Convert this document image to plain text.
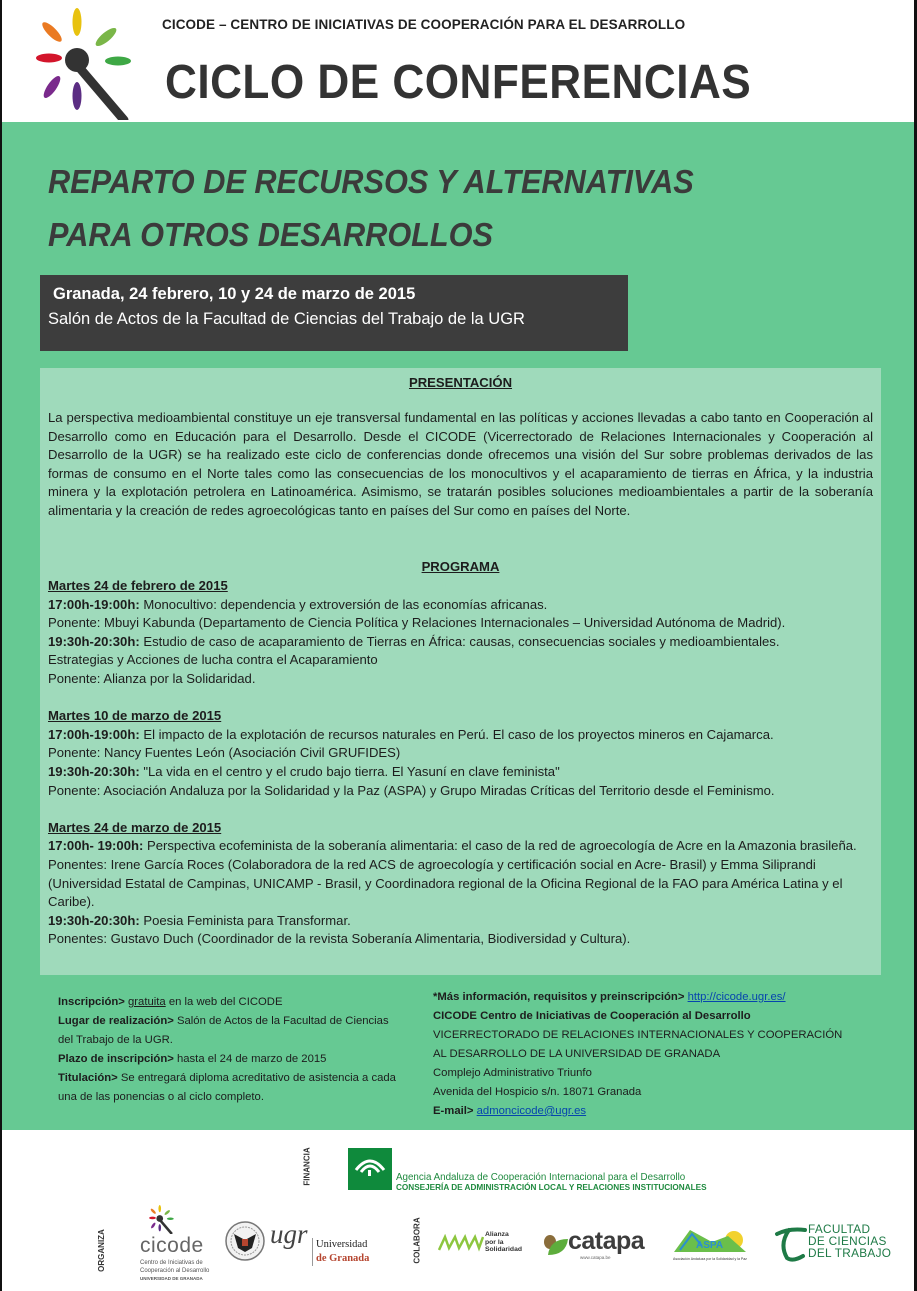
CICODE – CENTRO DE INICIATIVAS DE COOPERACIÓN PARA EL DESARROLLO
CICLO DE CONFERENCIAS
REPARTO DE RECURSOS Y ALTERNATIVAS
PARA OTROS DESARROLLOS
Granada, 24 febrero, 10 y 24 de marzo de 2015
Salón de Actos de la Facultad de Ciencias del Trabajo de la UGR
PRESENTACIÓN
La perspectiva medioambiental constituye un eje transversal fundamental en las políticas y acciones llevadas a cabo tanto en Cooperación al Desarrollo como en Educación para el Desarrollo. Desde el CICODE (Vicerrectorado de Relaciones Internacionales y Cooperación al Desarrollo de la UGR) se ha realizado este ciclo de conferencias donde ofrecemos una visión del Sur sobre problemas derivados de las formas de consumo en el Norte tales como las consecuencias de los monocultivos y el acaparamiento de tierras en África, y la industria minera y la explotación petrolera en Latinoamérica. Asimismo, se tratarán posibles soluciones medioambientales a partir de la soberanía alimentaria y la creación de redes agroecológicas tanto en países del Sur como en países del Norte.
PROGRAMA
Martes 24 de febrero de 2015
17:00h-19:00h: Monocultivo: dependencia y extroversión de las economías africanas.
Ponente: Mbuyi Kabunda (Departamento de Ciencia Política y Relaciones Internacionales – Universidad Autónoma de Madrid).
19:30h-20:30h: Estudio de caso de acaparamiento de Tierras en África: causas, consecuencias sociales y medioambientales.
Estrategias y Acciones de lucha contra el Acaparamiento
Ponente: Alianza por la Solidaridad.
Martes 10 de marzo de 2015
17:00h-19:00h: El impacto de la explotación de recursos naturales en Perú. El caso de los proyectos mineros en Cajamarca.
Ponente: Nancy Fuentes León (Asociación Civil GRUFIDES)
19:30h-20:30h: "La vida en el centro y el crudo bajo tierra. El Yasuní en clave feminista"
Ponente: Asociación Andaluza por la Solidaridad y la Paz (ASPA) y Grupo Miradas Críticas del Territorio desde el Feminismo.
Martes 24 de marzo de 2015
17:00h- 19:00h: Perspectiva ecofeminista de la soberanía alimentaria: el caso de la red de agroecología de Acre en la Amazonia brasileña.
Ponentes: Irene García Roces (Colaboradora de la red ACS de agroecología y certificación social en Acre- Brasil) y Emma Siliprandi (Universidad Estatal de Campinas, UNICAMP - Brasil, y Coordinadora regional de la Oficina Regional de la FAO para América Latina y el Caribe).
19:30h-20:30h: Poesia Feminista para Transformar.
Ponentes: Gustavo Duch (Coordinador de la revista Soberanía Alimentaria, Biodiversidad y Cultura).
Inscripción> gratuita en la web del CICODE
Lugar de realización> Salón de Actos de la Facultad de Ciencias del Trabajo de la UGR.
Plazo de inscripción> hasta el 24 de marzo de 2015
Titulación> Se entregará diploma acreditativo de asistencia a cada una de las ponencias o al ciclo completo.
*Más información, requisitos y preinscripción> http://cicode.ugr.es/
CICODE Centro de Iniciativas de Cooperación al Desarrollo
VICERRECTORADO DE RELACIONES INTERNACIONALES Y COOPERACIÓN AL DESARROLLO DE LA UNIVERSIDAD DE GRANADA
Complejo Administrativo Triunfo
Avenida del Hospicio s/n. 18071 Granada
E-mail> admoncicode@ugr.es
FINANCIA	Agencia Andaluza de Cooperación Internacional para el Desarrollo
CONSEJERÍA DE ADMINISTRACIÓN LOCAL Y RELACIONES INSTITUCIONALES
ORGANIZA cicode
Centro de Iniciativas de
Cooperación al Desarrollo
UNIVERSIDAD DE GRANADA
ugr Universidad
de Granada	COLABORA	Alianza por la Solidaridad catapa
www.catapa.be
ASPA
Asociación Andaluza por la Solidaridad y la Paz
FACULTAD
DE CIENCIAS
DEL TRABAJO
